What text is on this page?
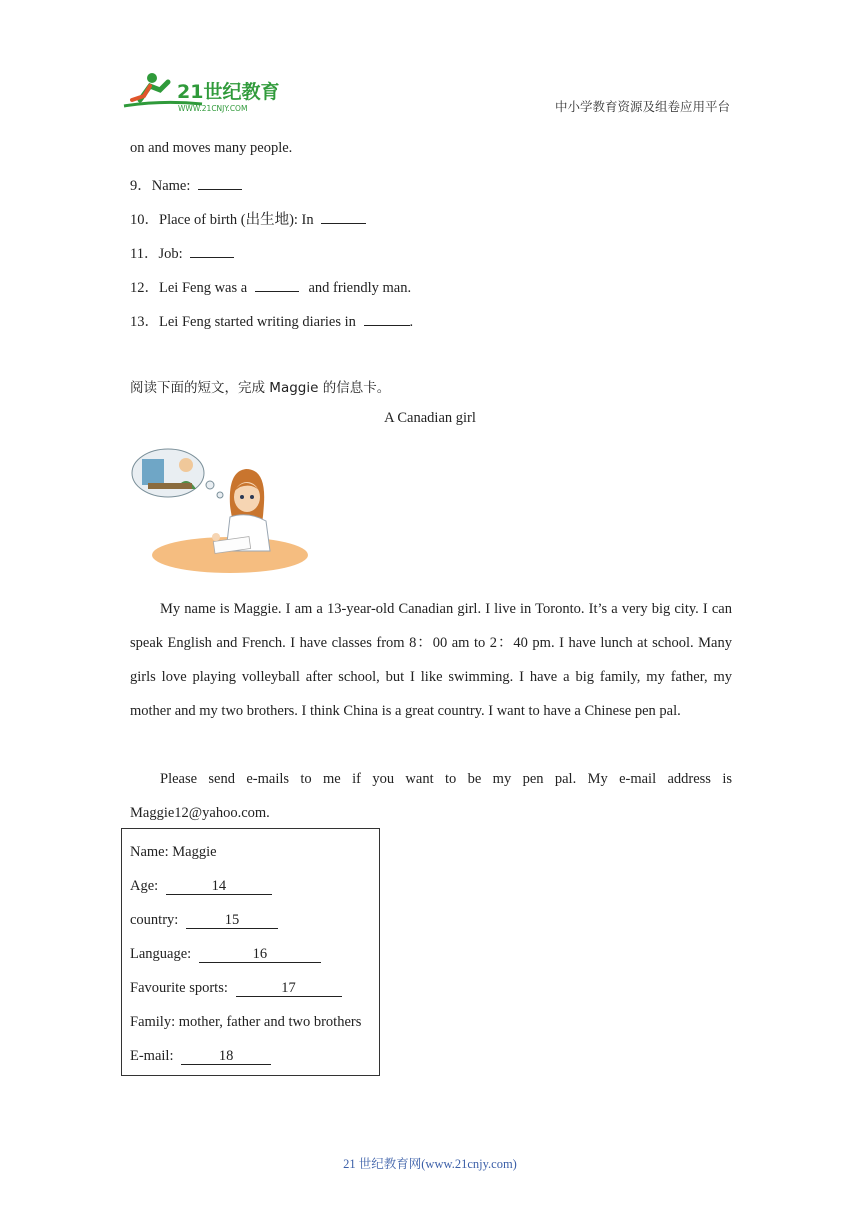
21世纪教育
WWW.21CNJY.COM	中小学教育资源及组卷应用平台
on and moves many people.
9．Name:
10．Place of birth (出生地): In
11．Job:
12．Lei Feng was a	and friendly man.
13．Lei Feng started writing diaries in	.
阅读下面的短文，完成 Maggie 的信息卡。
A Canadian girl
My name is Maggie. I am a 13-year-old Canadian girl. I live in Toronto. It’s a very big city. I can speak English and French. I have classes from 8：00 am to 2：40 pm. I have lunch at school. Many girls love playing volleyball after school, but I like swimming. I have a big family, my father, my mother and my two brothers. I think China is a great country. I want to have a Chinese pen pal.
Please send e-mails to me if you want to be my pen pal. My e-mail address is Maggie12@yahoo.com.
Name: Maggie
Age:	14
country:	15
Language:	16
Favourite sports:	17
Family: mother, father and two brothers
E-mail:	18
21 世纪教育网(www.21cnjy.com)
